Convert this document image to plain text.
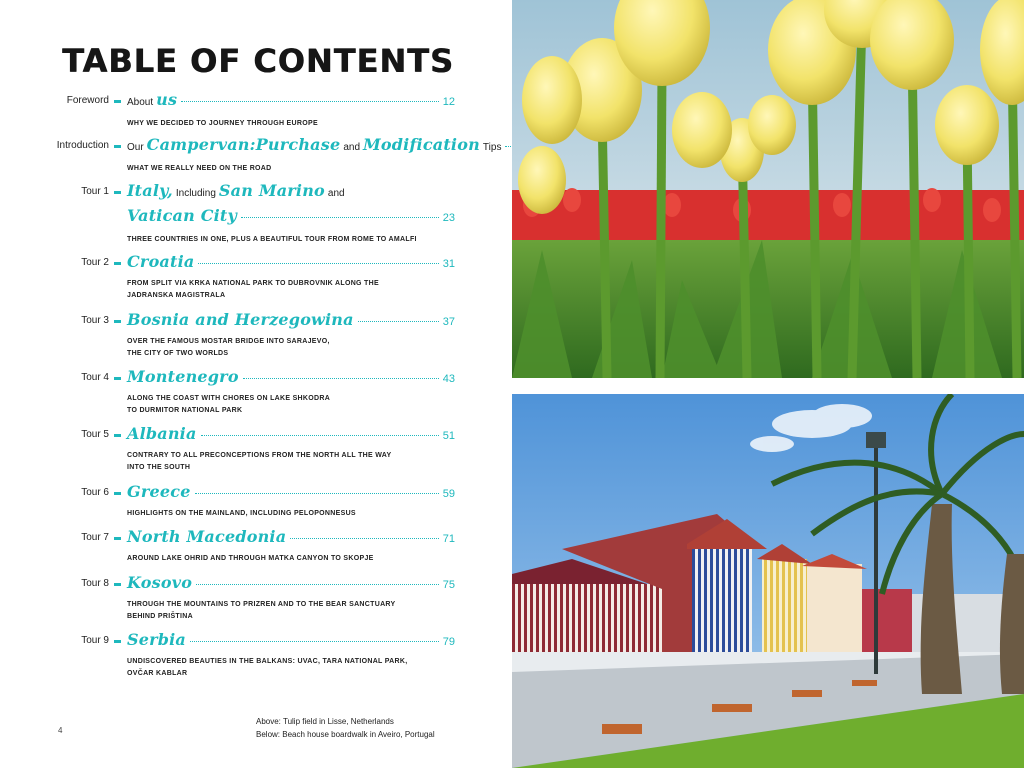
TABLE OF CONTENTS
Foreword About us	12
WHY WE DECIDED TO JOURNEY THROUGH EUROPE
Introduction Our Campervan: Purchase and Modification Tips
WHAT WE REALLY NEED ON THE ROAD
Tour 1 Italy, Including San Marino and
Vatican City	23
THREE COUNTRIES IN ONE, PLUS A BEAUTIFUL TOUR FROM ROME TO AMALFI
Tour 2 Croatia	31
FROM SPLIT VIA KRKA NATIONAL PARK TO DUBROVNIK ALONG THE
JADRANSKA MAGISTRALA
Tour 3 Bosnia and Herzegowina	37
OVER THE FAMOUS MOSTAR BRIDGE INTO SARAJEVO,
THE CITY OF TWO WORLDS
Tour 4 Montenegro	43
ALONG THE COAST WITH CHORES ON LAKE SHKODRA
TO DURMITOR NATIONAL PARK
Tour 5 Albania	51
CONTRARY TO ALL PRECONCEPTIONS FROM THE NORTH ALL THE WAY
INTO THE SOUTH
Tour 6 Greece	59
HIGHLIGHTS ON THE MAINLAND, INCLUDING PELOPONNESUS
Tour 7 North Macedonia	71
AROUND LAKE OHRID AND THROUGH MATKA CANYON TO SKOPJE
Tour 8 Kosovo	75
THROUGH THE MOUNTAINS TO PRIZREN AND TO THE BEAR SANCTUARY
BEHIND PRIŠTINA
Tour 9 Serbia	79
UNDISCOVERED BEAUTIES IN THE BALKANS: UVAC, TARA NATIONAL PARK,
OVČAR KABLAR
4
Above: Tulip field in Lisse, Netherlands
Below: Beach house boardwalk in Aveiro, Portugal
